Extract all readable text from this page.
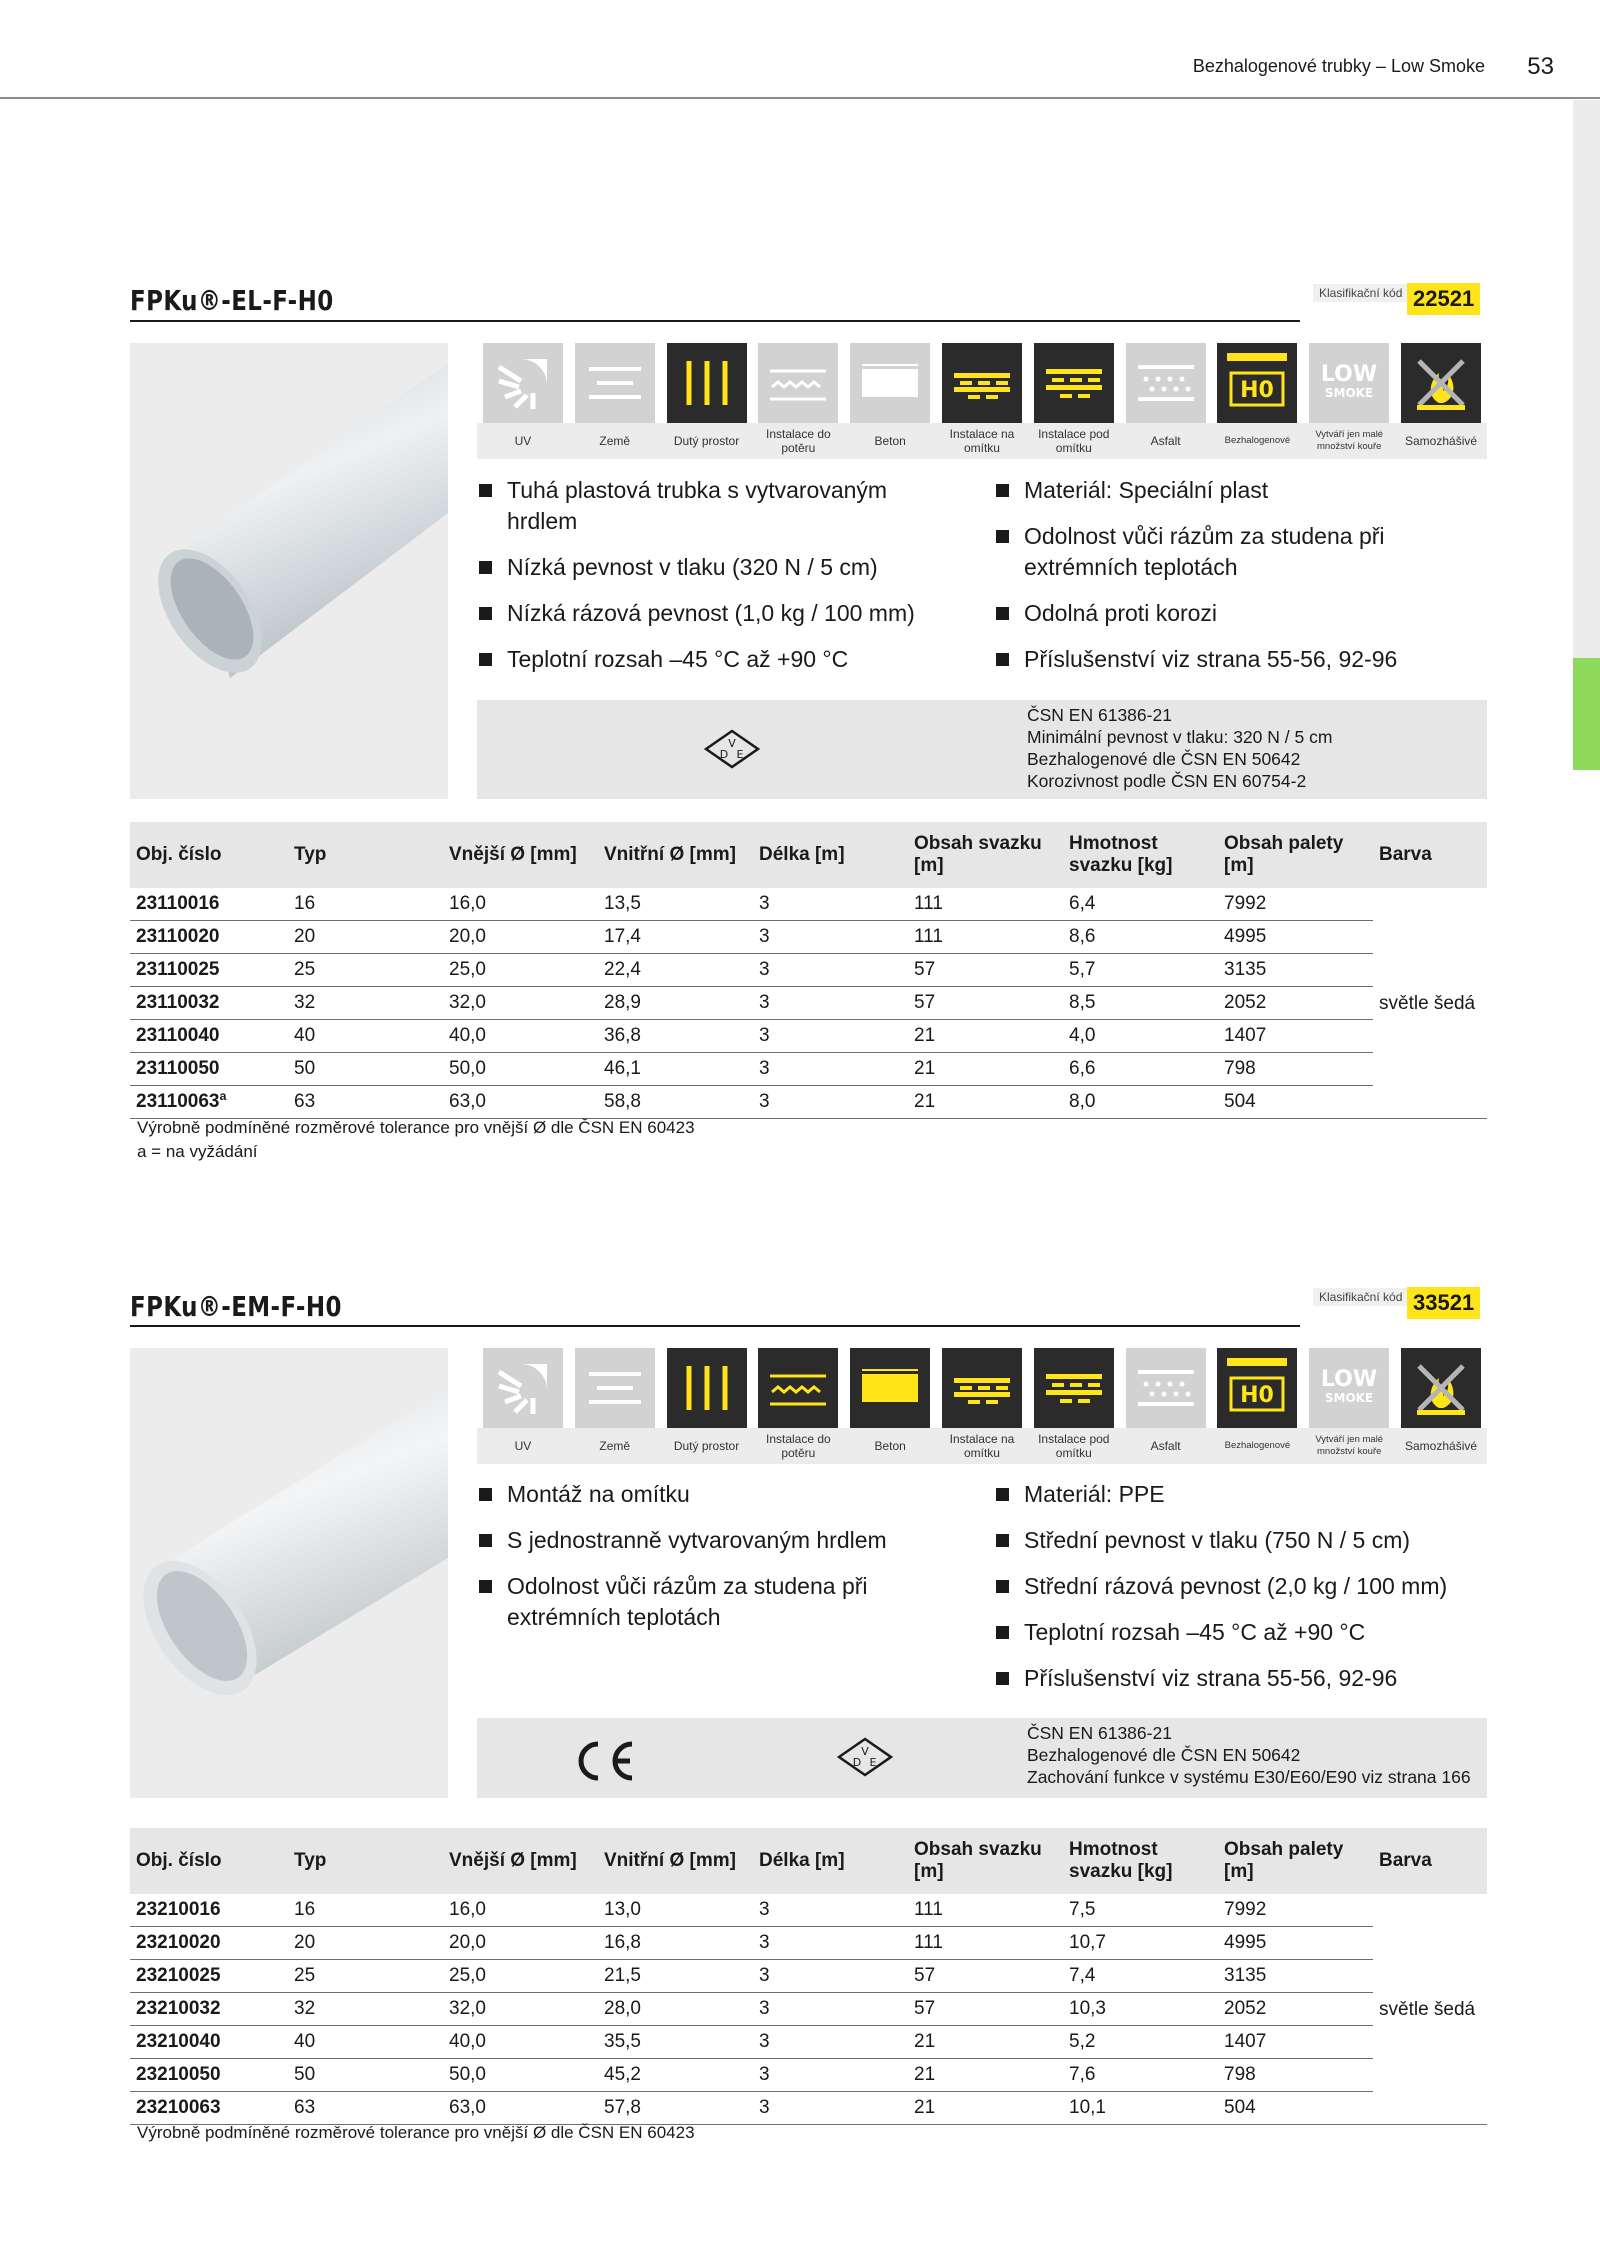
Bezhalogenové trubky – Low Smoke 53
FPKu®-EL-F-H0	Klasifikační kód 22521
H0
LOW
SMOKE
UV	Země	Dutý prostor	Instalace do potěru	Beton	Instalace na omítku
Instalace pod omítku	Asfalt	Bezhalogenové
Vytváří jen malé množství kouře	Samozhášivé
Tuhá plastová trubka s vytvarovaným hrdlem
Nízká pevnost v tlaku (320 N / 5 cm)
Nízká rázová pevnost (1,0 kg / 100 mm)
Teplotní rozsah –45 °C až +90 °C
Materiál: Speciální plast
Odolnost vůči rázům za studena při extrémních teplotách
Odolná proti korozi
Příslušenství viz strana 55-56, 92-96
V
D E
ČSN EN 61386-21
Minimální pevnost v tlaku: 320 N / 5 cm
Bezhalogenové dle ČSN EN 50642
Korozivnost podle ČSN EN 60754-2
Obj. číslo	Typ	Vnější Ø [mm]	Vnitřní Ø [mm]	Délka [m]	Obsah svazku [m]	Hmotnost svazku [kg]	Obsah palety [m]	Barva
23110016	16	16,0	13,5	3	111	6,4	7992	světle šedá
23110020	20	20,0	17,4	3	111	8,6	4995	
23110025	25	25,0	22,4	3	57	5,7	3135	
23110032	32	32,0	28,9	3	57	8,5	2052	
23110040	40	40,0	36,8	3	21	4,0	1407	
23110050	50	50,0	46,1	3	21	6,6	798	
23110063ª	63	63,0	58,8	3	21	8,0	504	
Výrobně podmíněné rozměrové tolerance pro vnější Ø dle ČSN EN 60423
a = na vyžádání
FPKu®-EM-F-H0	Klasifikační kód 33521
H0
LOW
SMOKE
UV	Země	Dutý prostor	Instalace do potěru	Beton	Instalace na omítku
Instalace pod omítku	Asfalt	Bezhalogenové
Vytváří jen malé množství kouře	Samozhášivé
Montáž na omítku
S jednostranně vytvarovaným hrdlem
Odolnost vůči rázům za studena při extrémních teplotách
Materiál: PPE
Střední pevnost v tlaku (750 N / 5 cm)
Střední rázová pevnost (2,0 kg / 100 mm)
Teplotní rozsah –45 °C až +90 °C
Příslušenství viz strana 55-56, 92-96
V
D E
ČSN EN 61386-21
Bezhalogenové dle ČSN EN 50642
Zachování funkce v systému E30/E60/E90 viz strana 166
Obj. číslo	Typ	Vnější Ø [mm]	Vnitřní Ø [mm]	Délka [m]	Obsah svazku [m]	Hmotnost svazku [kg]	Obsah palety [m]	Barva
23210016	16	16,0	13,0	3	111	7,5	7992	světle šedá
23210020	20	20,0	16,8	3	111	10,7	4995	
23210025	25	25,0	21,5	3	57	7,4	3135	
23210032	32	32,0	28,0	3	57	10,3	2052	
23210040	40	40,0	35,5	3	21	5,2	1407	
23210050	50	50,0	45,2	3	21	7,6	798	
23210063	63	63,0	57,8	3	21	10,1	504	
Výrobně podmíněné rozměrové tolerance pro vnější Ø dle ČSN EN 60423
